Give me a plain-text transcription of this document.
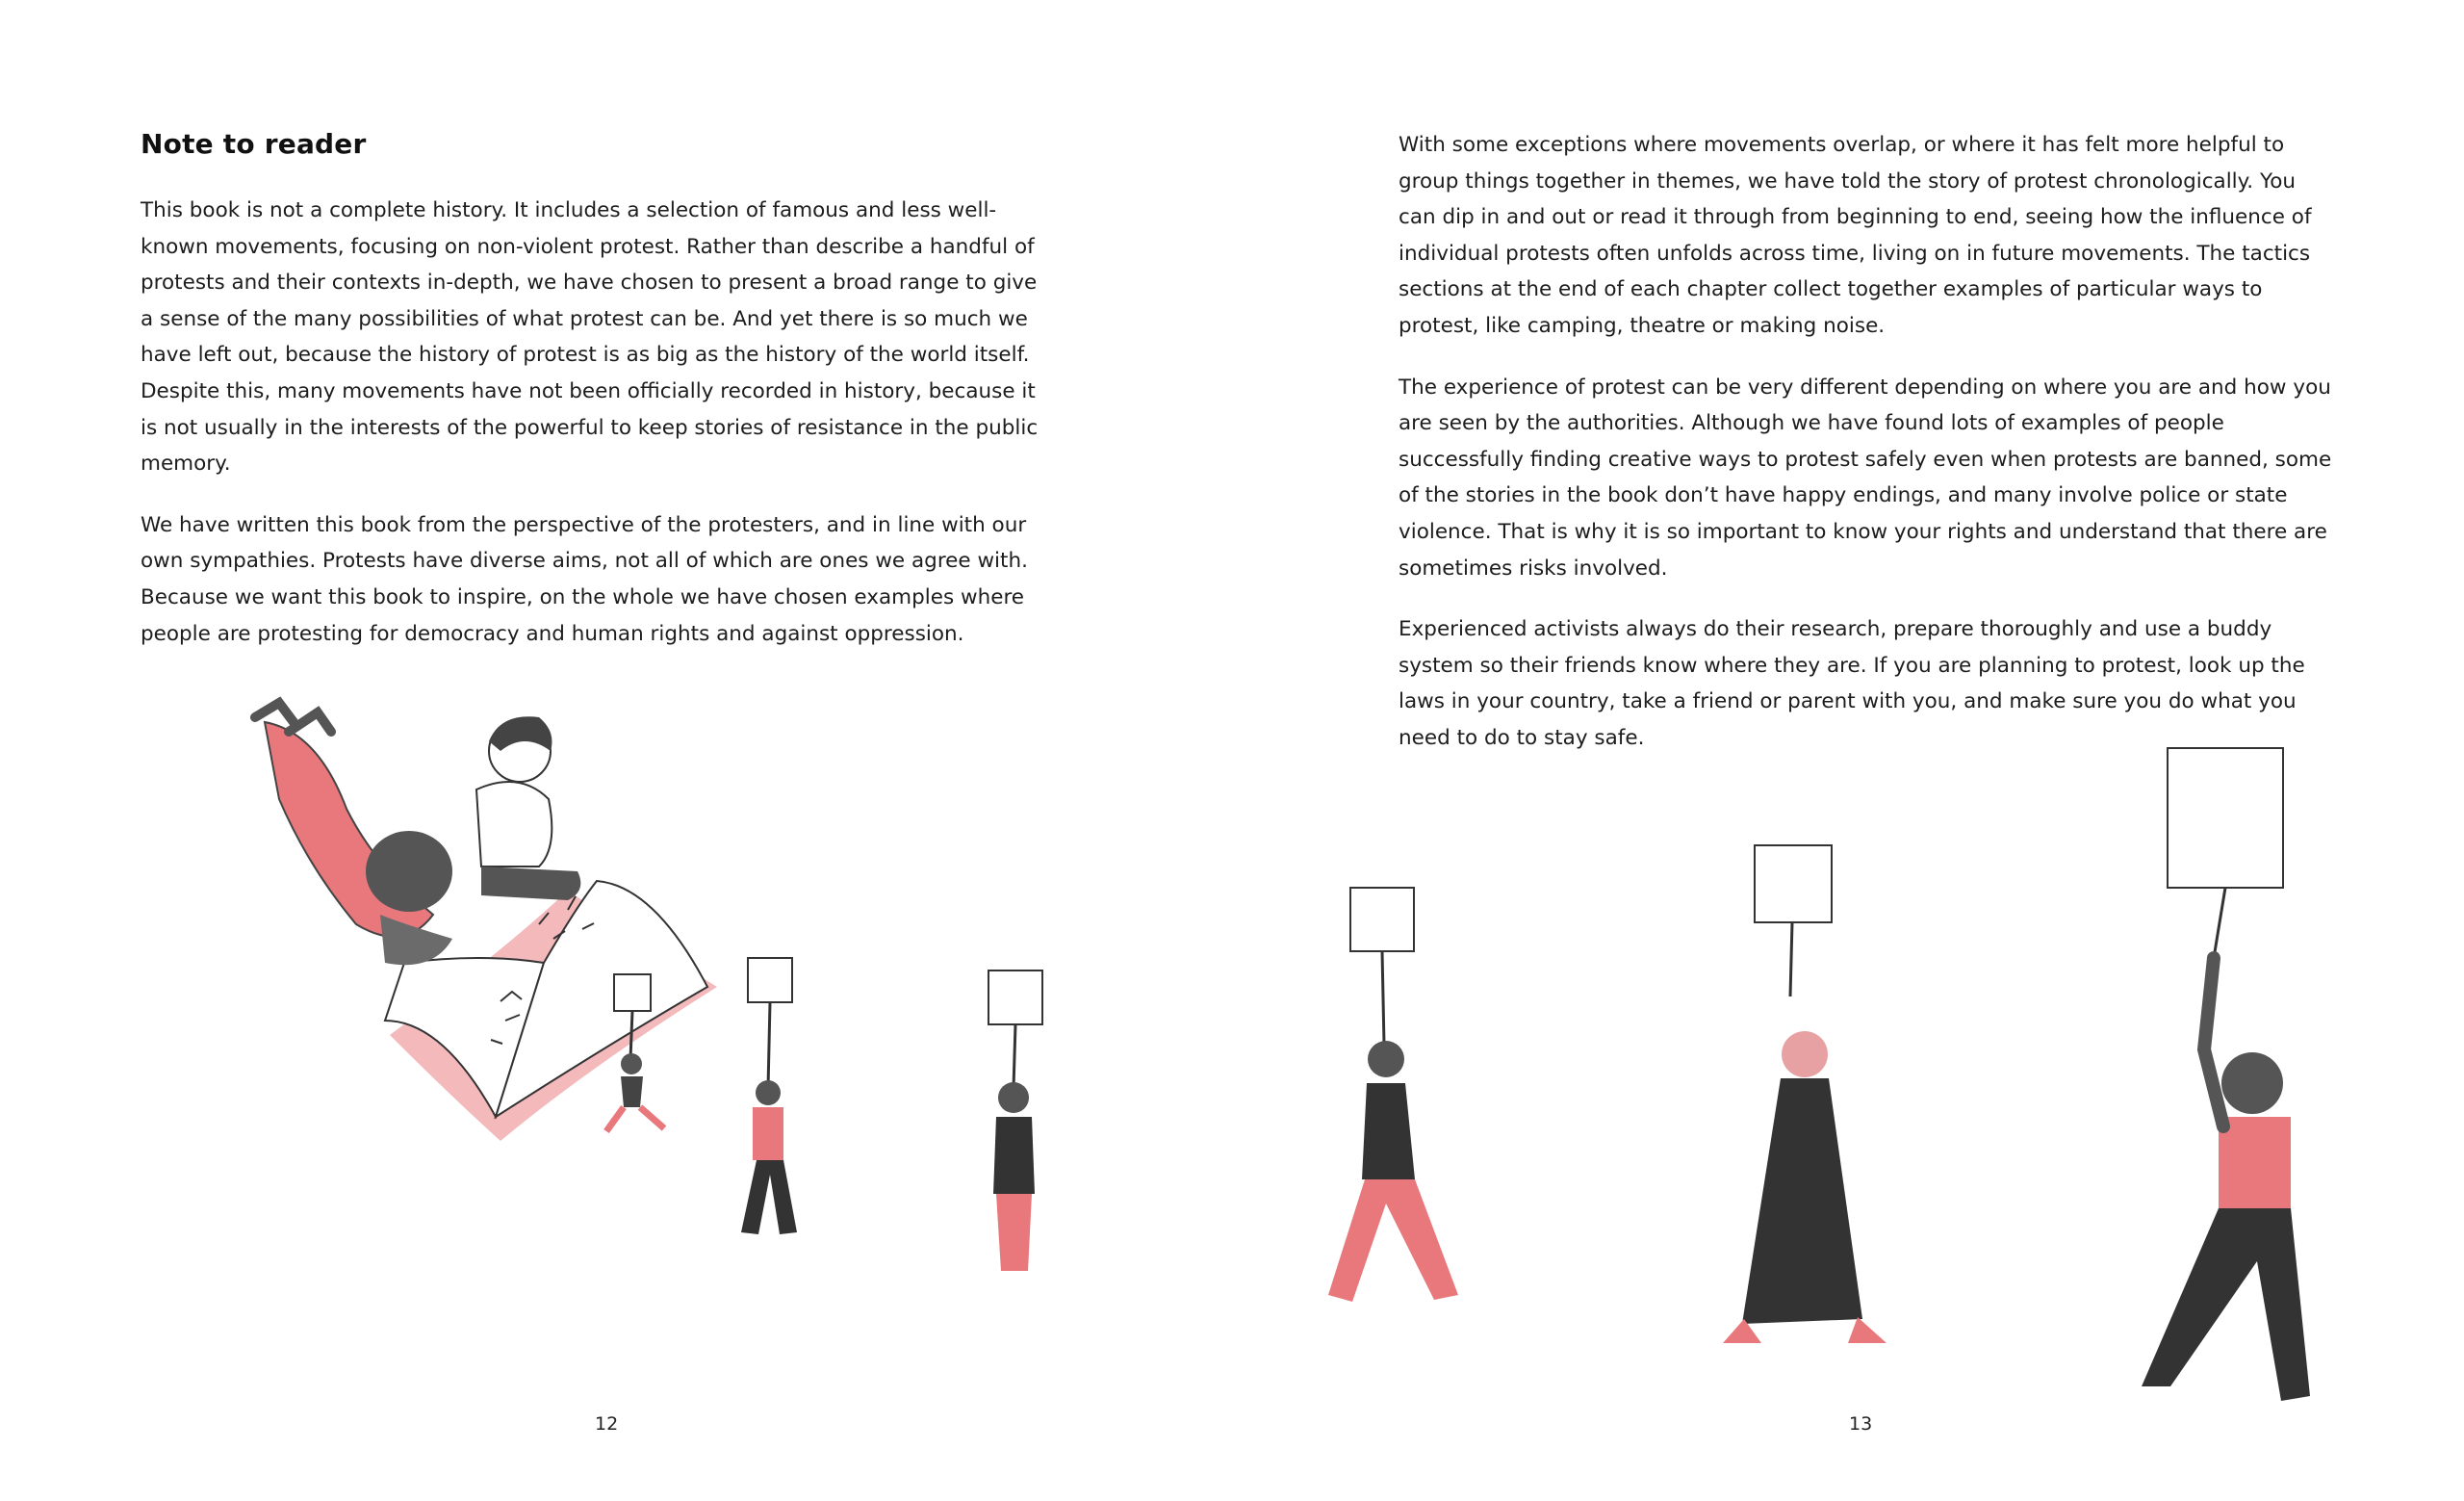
Note to reader

This book is not a complete history. It includes a selection of famous and less well-known movements, focusing on non-violent protest. Rather than describe a handful of protests and their contexts in-depth, we have chosen to present a broad range to give a sense of the many possibilities of what protest can be. And yet there is so much we have left out, because the history of protest is as big as the history of the world itself. Despite this, many movements have not been officially recorded in history, because it is not usually in the interests of the powerful to keep stories of resistance in the public memory.

We have written this book from the perspective of the protesters, and in line with our own sympathies. Protests have diverse aims, not all of which are ones we agree with. Because we want this book to inspire, on the whole we have chosen examples where people are protesting for democracy and human rights and against oppression.

12

With some exceptions where movements overlap, or where it has felt more helpful to group things together in themes, we have told the story of protest chronologically. You can dip in and out or read it through from beginning to end, seeing how the influence of individual protests often unfolds across time, living on in future movements. The tactics sections at the end of each chapter collect together examples of particular ways to protest, like camping, theatre or making noise.

The experience of protest can be very different depending on where you are and how you are seen by the authorities. Although we have found lots of examples of people successfully finding creative ways to protest safely even when protests are banned, some of the stories in the book don’t have happy endings, and many involve police or state violence. That is why it is so important to know your rights and understand that there are sometimes risks involved.

Experienced activists always do their research, prepare thoroughly and use a buddy system so their friends know where they are. If you are planning to protest, look up the laws in your country, take a friend or parent with you, and make sure you do what you need to do to stay safe.

13
